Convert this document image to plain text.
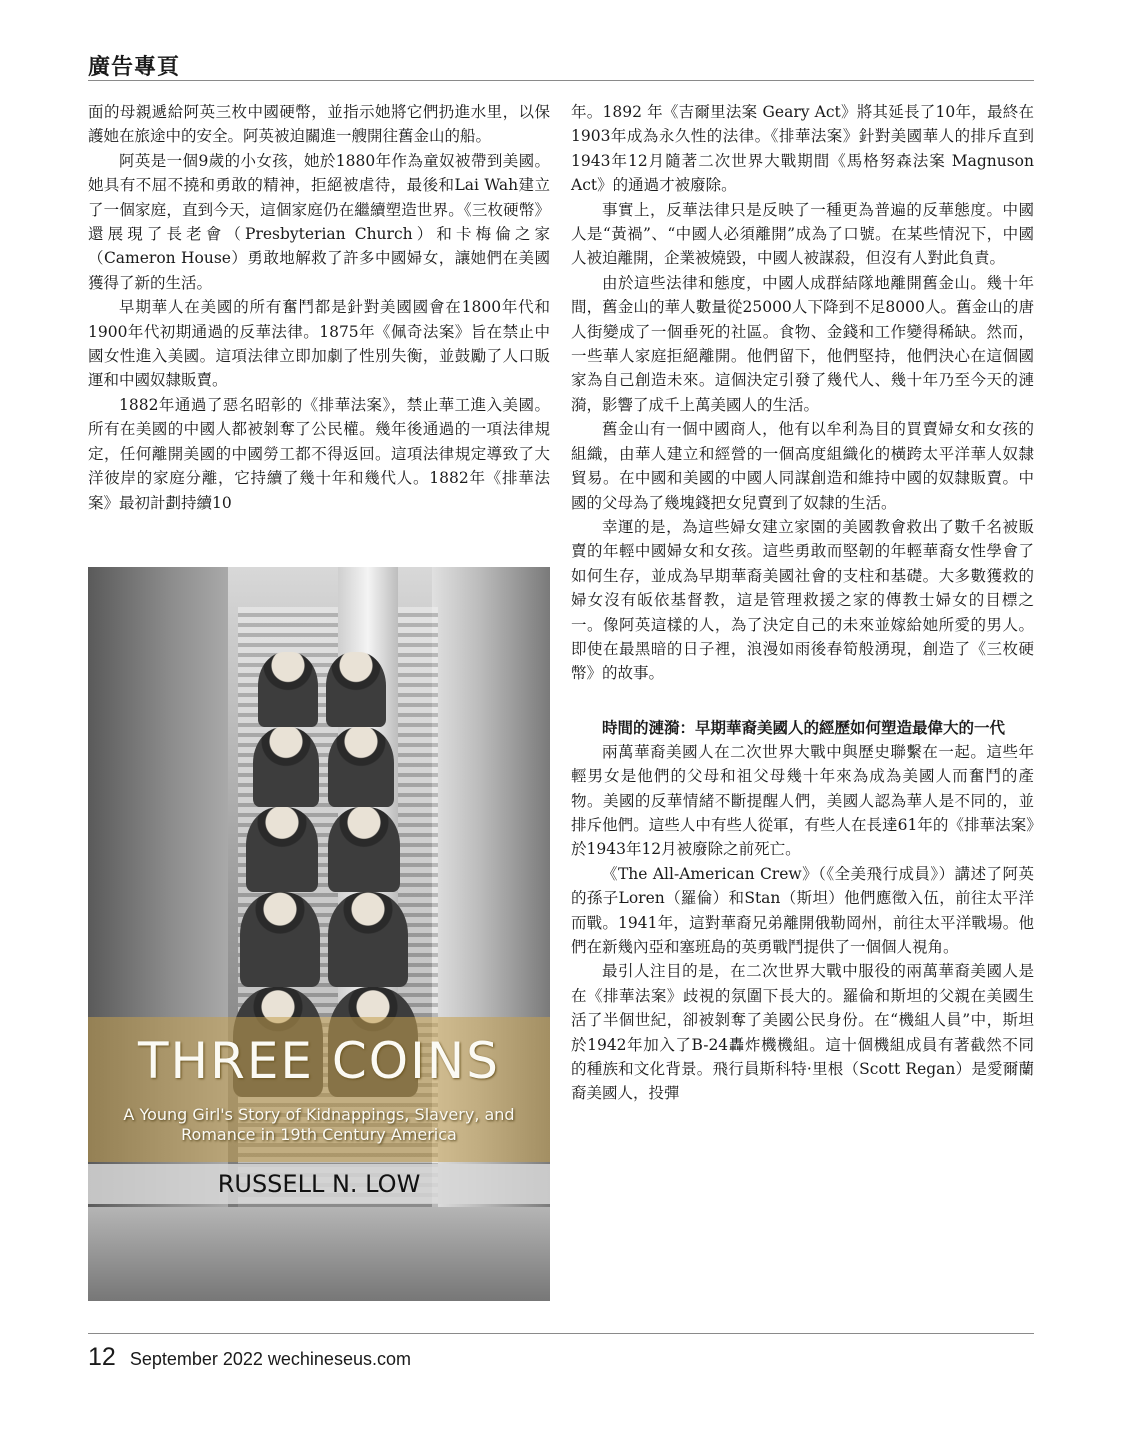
廣告專頁

面的母親遞給阿英三枚中國硬幣，並指示她將它們扔進水里，以保護她在旅途中的安全。阿英被迫關進一艘開往舊金山的船。

阿英是一個9歲的小女孩，她於1880年作為童奴被帶到美國。她具有不屈不撓和勇敢的精神，拒絕被虐待，最後和Lai Wah建立了一個家庭，直到今天，這個家庭仍在繼續塑造世界。《三枚硬幣》還展現了長老會（Presbyterian Church）和卡梅倫之家（Cameron House）勇敢地解救了許多中國婦女，讓她們在美國獲得了新的生活。

早期華人在美國的所有奮鬥都是針對美國國會在1800年代和1900年代初期通過的反華法律。1875年《佩奇法案》旨在禁止中國女性進入美國。這項法律立即加劇了性別失衡，並鼓勵了人口販運和中國奴隸販賣。

1882年通過了惡名昭彰的《排華法案》，禁止華工進入美國。所有在美國的中國人都被剝奪了公民權。幾年後通過的一項法律規定，任何離開美國的中國勞工都不得返回。這項法律規定導致了大洋彼岸的家庭分離，它持續了幾十年和幾代人。1882年《排華法案》最初計劃持續10

THREE COINS
A Young Girl's Story of Kidnappings, Slavery, and Romance in 19th Century America
RUSSELL N. LOW

年。1892 年《吉爾里法案 Geary Act》將其延長了10年，最終在1903年成為永久性的法律。《排華法案》針對美國華人的排斥直到1943年12月隨著二次世界大戰期間《馬格努森法案 Magnuson Act》的通過才被廢除。

事實上，反華法律只是反映了一種更為普遍的反華態度。中國人是“黃禍”、“中國人必須離開”成為了口號。在某些情況下，中國人被迫離開，企業被燒毀，中國人被謀殺，但沒有人對此負責。

由於這些法律和態度，中國人成群結隊地離開舊金山。幾十年間，舊金山的華人數量從25000人下降到不足8000人。舊金山的唐人街變成了一個垂死的社區。食物、金錢和工作變得稀缺。然而，一些華人家庭拒絕離開。他們留下，他們堅持，他們決心在這個國家為自己創造未來。這個決定引發了幾代人、幾十年乃至今天的漣漪，影響了成千上萬美國人的生活。

舊金山有一個中國商人，他有以牟利為目的買賣婦女和女孩的組織，由華人建立和經營的一個高度組織化的橫跨太平洋華人奴隸貿易。在中國和美國的中國人同謀創造和維持中國的奴隸販賣。中國的父母為了幾塊錢把女兒賣到了奴隸的生活。

幸運的是，為這些婦女建立家園的美國教會救出了數千名被販賣的年輕中國婦女和女孩。這些勇敢而堅韌的年輕華裔女性學會了如何生存，並成為早期華裔美國社會的支柱和基礎。大多數獲救的婦女沒有皈依基督教，這是管理救援之家的傳教士婦女的目標之一。像阿英這樣的人，為了決定自己的未來並嫁給她所愛的男人。即使在最黑暗的日子裡，浪漫如雨後春筍般湧現，創造了《三枚硬幣》的故事。

時間的漣漪：早期華裔美國人的經歷如何塑造最偉大的一代

兩萬華裔美國人在二次世界大戰中與歷史聯繫在一起。這些年輕男女是他們的父母和祖父母幾十年來為成為美國人而奮鬥的產物。美國的反華情緒不斷提醒人們，美國人認為華人是不同的，並排斥他們。這些人中有些人從軍，有些人在長達61年的《排華法案》於1943年12月被廢除之前死亡。

《The All-American Crew》（《全美飛行成員》）講述了阿英的孫子Loren（羅倫）和Stan（斯坦）他們應徵入伍，前往太平洋而戰。1941年，這對華裔兄弟離開俄勒岡州，前往太平洋戰場。他們在新幾內亞和塞班島的英勇戰鬥提供了一個個人視角。

最引人注目的是，在二次世界大戰中服役的兩萬華裔美國人是在《排華法案》歧視的氛圍下長大的。羅倫和斯坦的父親在美國生活了半個世紀，卻被剝奪了美國公民身份。在“機組人員”中，斯坦於1942年加入了B-24轟炸機機組。這十個機組成員有著截然不同的種族和文化背景。飛行員斯科特·里根（Scott Regan）是愛爾蘭裔美國人，投彈

12 September 2022 wechineseus.com
